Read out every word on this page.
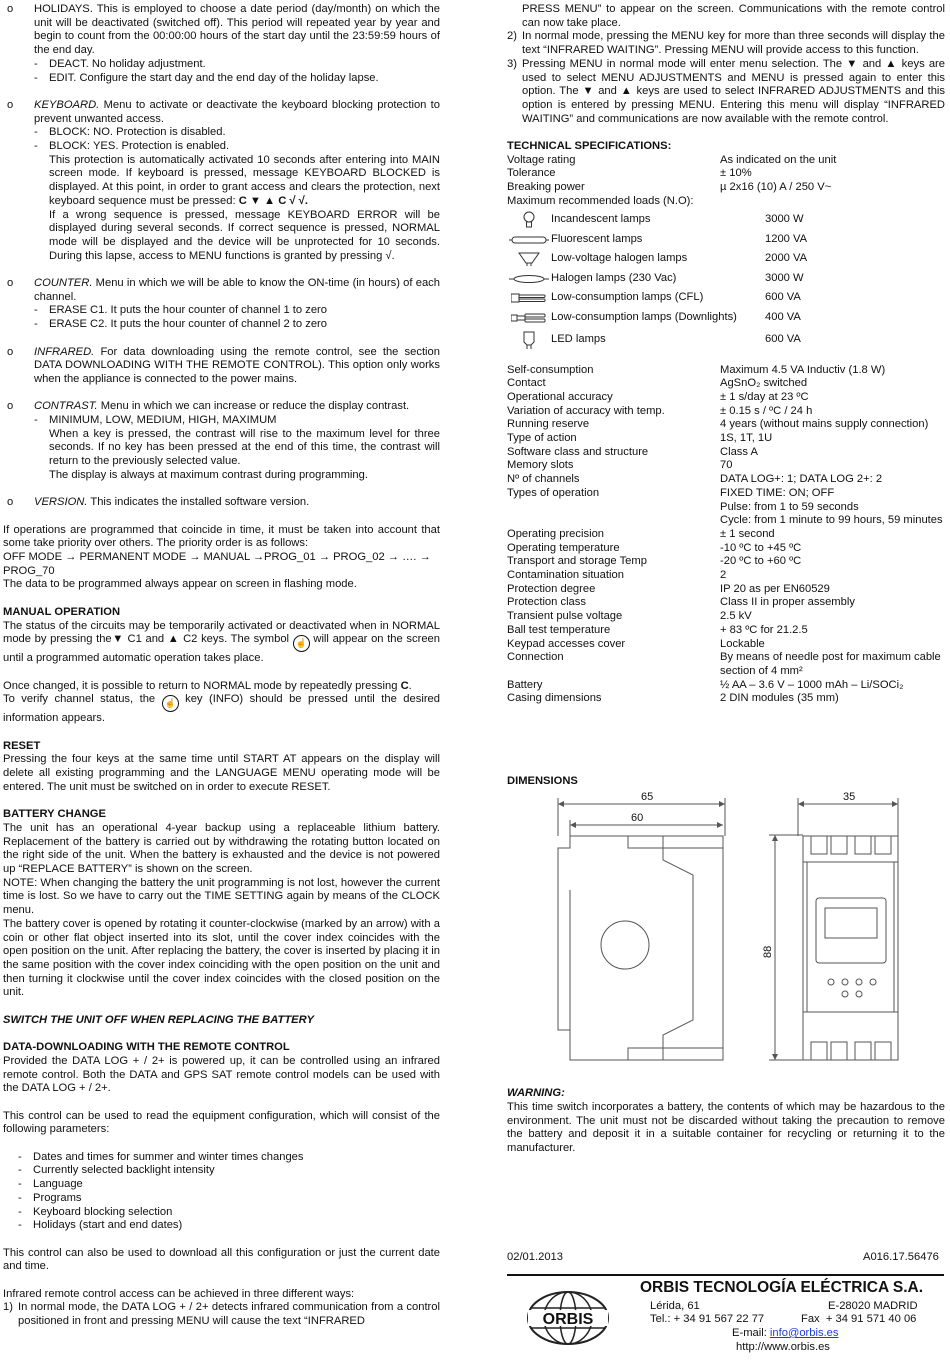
o HOLIDAYS. This is employed to choose a date period (day/month) on which the unit will be deactivated (switched off). This period will repeated year by year and begin to count from the 00:00:00 hours of the start day until the 23:59:59 hours of the end day.

- DEACT. No holiday adjustment.
- EDIT. Configure the start day and the end day of the holiday lapse.
o KEYBOARD. Menu to activate or deactivate the keyboard blocking protection to prevent unwanted access.

- BLOCK: NO. Protection is disabled.
- BLOCK: YES. Protection is enabled.

This protection is automatically activated 10 seconds after entering into MAIN screen mode. If keyboard is pressed, message KEYBOARD BLOCKED is displayed. At this point, in order to grant access and clears the protection, next keyboard sequence must be pressed: C ▼ ▲ C √ √.

If a wrong sequence is pressed, message KEYBOARD ERROR will be displayed during several seconds. If correct sequence is pressed, NORMAL mode will be displayed and the device will be unprotected for 10 seconds. During this lapse, access to MENU functions is granted by pressing √.

o COUNTER. Menu in which we will be able to know the ON-time (in hours) of each channel.

- ERASE C1. It puts the hour counter of channel 1 to zero
- ERASE C2. It puts the hour counter of channel 2 to zero
o INFRARED. For data downloading using the remote control, see the section DATA DOWNLOADING WITH THE REMOTE CONTROL). This option only works when the appliance is connected to the power mains.

o CONTRAST. Menu in which we can increase or reduce the display contrast.

- MINIMUM, LOW, MEDIUM, HIGH, MAXIMUM

When a key is pressed, the contrast will rise to the maximum level for three seconds. If no key has been pressed at the end of this time, the contrast will return to the previously selected value.

The display is always at maximum contrast during programming.

o VERSION. This indicates the installed software version.

If operations are programmed that coincide in time, it must be taken into account that some take priority over others. The priority order is as follows:

OFF MODE → PERMANENT MODE → MANUAL →PROG_01 → PROG_02 → …. → PROG_70

The data to be programmed always appear on screen in flashing mode.

MANUAL OPERATION

The status of the circuits may be temporarily activated or deactivated when in NORMAL mode by pressing the▼ C1 and ▲ C2 keys. The symbol ☝ will appear on the screen until a programmed automatic operation takes place.

Once changed, it is possible to return to NORMAL mode by repeatedly pressing C.

To verify channel status, the ☝ key (INFO) should be pressed until the desired information appears.

RESET

Pressing the four keys at the same time until START AT appears on the display will delete all existing programming and the LANGUAGE MENU operating mode will be entered. The unit must be switched on in order to execute RESET.

BATTERY CHANGE

The unit has an operational 4-year backup using a replaceable lithium battery. Replacement of the battery is carried out by withdrawing the rotating button located on the right side of the unit. When the battery is exhausted and the device is not powered up “REPLACE BATTERY” is shown on the screen.

NOTE: When changing the battery the unit programming is not lost, however the current time is lost. So we have to carry out the TIME SETTING again by means of the CLOCK menu.

The battery cover is opened by rotating it counter-clockwise (marked by an arrow) with a coin or other flat object inserted into its slot, until the cover index coincides with the open position on the unit. After replacing the battery, the cover is inserted by placing it in the same position with the cover index coinciding with the open position on the unit and then turning it clockwise until the cover index coincides with the closed position on the unit.

SWITCH THE UNIT OFF WHEN REPLACING THE BATTERY

DATA-DOWNLOADING WITH THE REMOTE CONTROL

Provided the DATA LOG + / 2+ is powered up, it can be controlled using an infrared remote control. Both the DATA and GPS SAT remote control models can be used with the DATA LOG + / 2+.

This control can be used to read the equipment configuration, which will consist of the following parameters:

- Dates and times for summer and winter times changes
- Currently selected backlight intensity
- Language
- Programs
- Keyboard blocking selection
- Holidays (start and end dates)

This control can also be used to download all this configuration or just the current date and time.

Infrared remote control access can be achieved in three different ways:

1) In normal mode, the DATA LOG + / 2+ detects infrared communication from a control positioned in front and pressing MENU will cause the text “INFRARED

PRESS MENU” to appear on the screen. Communications with the remote control can now take place.

2) In normal mode, pressing the MENU key for more than three seconds will display the text “INFRARED WAITING”. Pressing MENU will provide access to this function.
3) Pressing MENU in normal mode will enter menu selection. The ▼ and ▲ keys are used to select MENU ADJUSTMENTS and MENU is pressed again to enter this option. The ▼ and ▲ keys are used to select INFRARED ADJUSTMENTS and this option is entered by pressing MENU. Entering this menu will display “INFRARED WAITING” and communications are now available with the remote control.

TECHNICAL SPECIFICATIONS:

Voltage rating	As indicated on the unit
Tolerance	± 10%
Breaking power	µ 2x16 (10) A / 250 V~

Maximum recommended loads (N.O):

Incandescent lamps	3000 W
Fluorescent lamps	1200 VA
Low-voltage halogen lamps	2000 VA
Halogen lamps (230 Vac)	3000 W
Low-consumption lamps (CFL)	600 VA
Low-consumption lamps (Downlights)	400 VA
LED lamps	600 VA
Self-consumption	Maximum 4.5 VA Inductiv (1.8 W)
Contact	AgSnO₂ switched
Operational accuracy	± 1 s/day at 23 ºC
Variation of accuracy with temp.	± 0.15 s / ºC / 24 h
Running reserve	4 years (without mains supply connection)
Type of action	1S, 1T, 1U
Software class and structure	Class A
Memory slots	70
Nº of channels	DATA LOG+: 1; DATA LOG 2+: 2
Types of operation	FIXED TIME: ON; OFF
	Pulse: from 1 to 59 seconds
	Cycle: from 1 minute to 99 hours, 59 minutes
Operating precision	± 1 second
Operating temperature	-10 ºC to +45 ºC
Transport and storage Temp	-20 ºC to +60 ºC
Contamination situation	2
Protection degree	IP 20 as per EN60529
Protection class	Class II in proper assembly
Transient pulse voltage	2.5 kV
Ball test temperature	+ 83 ºC for 21.2.5
Keypad accesses cover	Lockable
Connection	By means of needle post for maximum cable section of 4 mm²
Battery	½ AA – 3.6 V – 1000 mAh – Li/SOCi₂
Casing dimensions	2 DIN modules (35 mm)

DIMENSIONS

65
60
35
88

WARNING:

This time switch incorporates a battery, the contents of which may be hazardous to the environment. The unit must not be discarded without taking the precaution to remove the battery and deposit it in a suitable container for recycling or returning it to the manufacturer.

02/01.2013	A016.17.56476
ORBIS
ORBIS TECNOLOGÍA ELÉCTRICA S.A.
Lérida, 61	E-28020 MADRID
Tel.: + 34 91 567 22 77	Fax  + 34 91 571 40 06
E-mail: info@orbis.es
http://www.orbis.es
